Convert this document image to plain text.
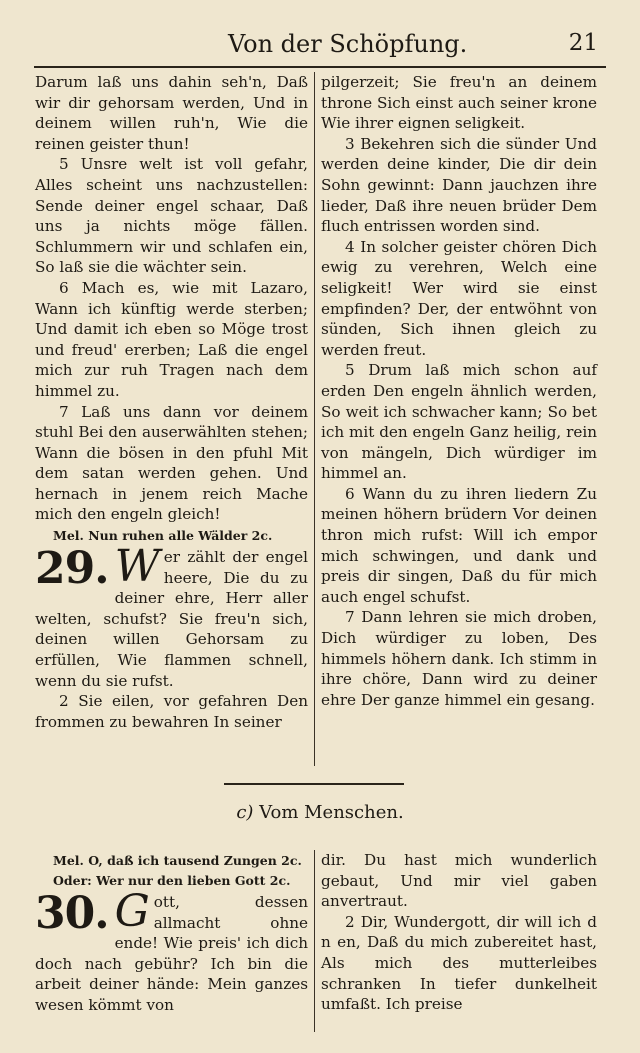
Von der Schöpfung.	21

Darum laß uns dahin seh'n, Daß wir dir gehorsam werden, Und in deinem willen ruh'n, Wie die reinen geister thun!

5 Unsre welt ist voll gefahr, Alles scheint uns nachzustellen: Sende deiner engel schaar, Daß uns ja nichts möge fällen. Schlummern wir und schlafen ein, So laß sie die wächter sein.

6 Mach es, wie mit Lazaro, Wann ich künftig werde sterben; Und damit ich eben so Möge trost und freud' ererben; Laß die engel mich zur ruh Tragen nach dem himmel zu.

7 Laß uns dann vor deinem stuhl Bei den auserwählten stehen; Wann die bösen in den pfuhl Mit dem satan werden gehen. Und hernach in jenem reich Mache mich den engeln gleich!

Mel. Nun ruhen alle Wälder 2c.

29. W er zählt der engel heere, Die du zu deiner ehre, Herr aller welten, schufst? Sie freu'n sich, deinen willen Gehorsam zu erfüllen, Wie flammen schnell, wenn du sie rufst.

2 Sie eilen, vor gefahren Den frommen zu bewahren In seiner

pilgerzeit; Sie freu'n an deinem throne Sich einst auch seiner krone Wie ihrer eignen seligkeit.

3 Bekehren sich die sünder Und werden deine kinder, Die dir dein Sohn gewinnt: Dann jauchzen ihre lieder, Daß ihre neuen brüder Dem fluch entrissen worden sind.

4 In solcher geister chören Dich ewig zu verehren, Welch eine seligkeit! Wer wird sie einst empfinden? Der, der entwöhnt von sünden, Sich ihnen gleich zu werden freut.

5 Drum laß mich schon auf erden Den engeln ähnlich werden, So weit ich schwacher kann; So bet ich mit den engeln Ganz heilig, rein von mängeln, Dich würdiger im himmel an.

6 Wann du zu ihren liedern Zu meinen höhern brüdern Vor deinen thron mich rufst: Will ich empor mich schwingen, und dank und preis dir singen, Daß du für mich auch engel schufst.

7 Dann lehren sie mich droben, Dich würdiger zu loben, Des himmels höhern dank. Ich stimm in ihre chöre, Dann wird zu deiner ehre Der ganze himmel ein gesang.

c) Vom Menschen.

Mel. O, daß ich tausend Zungen 2c.

Oder: Wer nur den lieben Gott 2c.

30. G ott, dessen allmacht ohne ende! Wie preis' ich dich doch nach gebühr? Ich bin die arbeit deiner hände: Mein ganzes wesen kömmt von

dir. Du hast mich wunderlich gebaut, Und mir viel gaben anvertraut.

2 Dir, Wundergott, dir will ich d n en, Daß du mich zubereitet hast, Als mich des mutterleibes schranken In tiefer dunkelheit umfaßt. Ich preise
